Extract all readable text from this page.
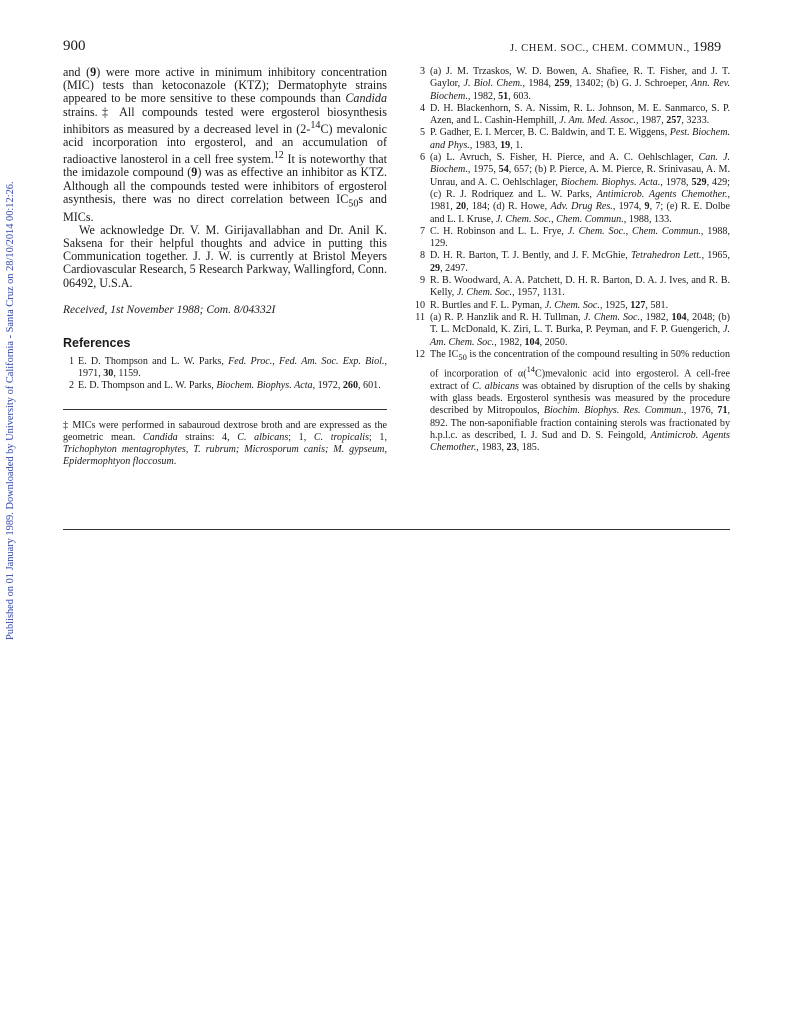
900	J. CHEM. SOC., CHEM. COMMUN., 1989
Published on 01 January 1989. Downloaded by University of California - Santa Cruz on 28/10/2014 00:12:26.

and (9) were more active in minimum inhibitory concentration (MIC) tests than ketoconazole (KTZ); Dermatophyte strains appeared to be more sensitive to these compounds than Candida strains.‡ All compounds tested were ergosterol biosynthesis inhibitors as measured by a decreased level in (2-$^{14}$C) mevalonic acid incorporation into ergosterol, and an accumulation of radioactive lanosterol in a cell free system.$^{12}$ It is noteworthy that the imidazole compound (9) was as effective an inhibitor as KTZ. Although all the compounds tested were inhibitors of ergosterol asynthesis, there was no direct correlation between $IC_{50}s$ and MICs.

We acknowledge Dr. V. M. Girijavallabhan and Dr. Anil K. Saksena for their helpful thoughts and advice in putting this Communication together. J. J. W. is currently at Bristol Meyers Cardiovascular Research, 5 Research Parkway, Wallingford, Conn. 06492, U.S.A.

Received, 1st November 1988; Com. 8/04332I
References
1 E. D. Thompson and L. W. Parks, Fed. Proc., Fed. Am. Soc. Exp. Biol., 1971, 30, 1159.
2 E. D. Thompson and L. W. Parks, Biochem. Biophys. Acta, 1972, 260, 601.
‡ MICs were performed in sabauroud dextrose broth and are expressed as the geometric mean. Candida strains: 4, C. albicans; 1, C. tropicalis; 1, Trichophyton mentagrophytes, T. rubrum; Microsporum canis; M. gypseum, Epidermophtyon floccosum.
3 (a) J. M. Trzaskos, W. D. Bowen, A. Shafiee, R. T. Fisher, and J. T. Gaylor, J. Biol. Chem., 1984, 259, 13402; (b) G. J. Schroeper, Ann. Rev. Biochem., 1982, 51, 603.
4 D. H. Blackenhorn, S. A. Nissim, R. L. Johnson, M. E. Sanmarco, S. P. Azen, and L. Cashin-Hemphill, J. Am. Med. Assoc., 1987, 257, 3233.
5 P. Gadher, E. I. Mercer, B. C. Baldwin, and T. E. Wiggens, Pest. Biochem. and Phys., 1983, 19, 1.
6 (a) L. Avruch, S. Fisher, H. Pierce, and A. C. Oehlschlager, Can. J. Biochem., 1975, 54, 657; (b) P. Pierce, A. M. Pierce, R. Srinivasau, A. M. Unrau, and A. C. Oehlschlager, Biochem. Biophys. Acta., 1978, 529, 429; (c) R. J. Rodriquez and L. W. Parks, Antimicrob. Agents Chemother., 1981, 20, 184; (d) R. Howe, Adv. Drug Res., 1974, 9, 7; (e) R. E. Dolbe and L. I. Kruse, J. Chem. Soc., Chem. Commun., 1988, 133.
7 C. H. Robinson and L. L. Frye, J. Chem. Soc., Chem. Commun., 1988, 129.
8 D. H. R. Barton, T. J. Bently, and J. F. McGhie, Tetrahedron Lett., 1965, 29, 2497.
9 R. B. Woodward, A. A. Patchett, D. H. R. Barton, D. A. J. Ives, and R. B. Kelly, J. Chem. Soc., 1957, 1131.
10 R. Burtles and F. L. Pyman, J. Chem. Soc., 1925, 127, 581.
11 (a) R. P. Hanzlik and R. H. Tullman, J. Chem. Soc., 1982, 104, 2048; (b) T. L. McDonald, K. Ziri, L. T. Burka, P. Peyman, and F. P. Guengerich, J. Am. Chem. Soc., 1982, 104, 2050.
12 The $IC_{50}$ is the concentration of the compound resulting in 50% reduction of incorporation of α($^{14}$C)mevalonic acid into ergosterol. A cell-free extract of C. albicans was obtained by disruption of the cells by shaking with glass beads. Ergosterol synthesis was measured by the procedure described by Mitropoulos, Biochim. Biophys. Res. Commun., 1976, 71, 892. The non-saponifiable fraction containing sterols was fractionated by h.p.l.c. as described, I. J. Sud and D. S. Feingold, Antimicrob. Agents Chemother., 1983, 23, 185.
